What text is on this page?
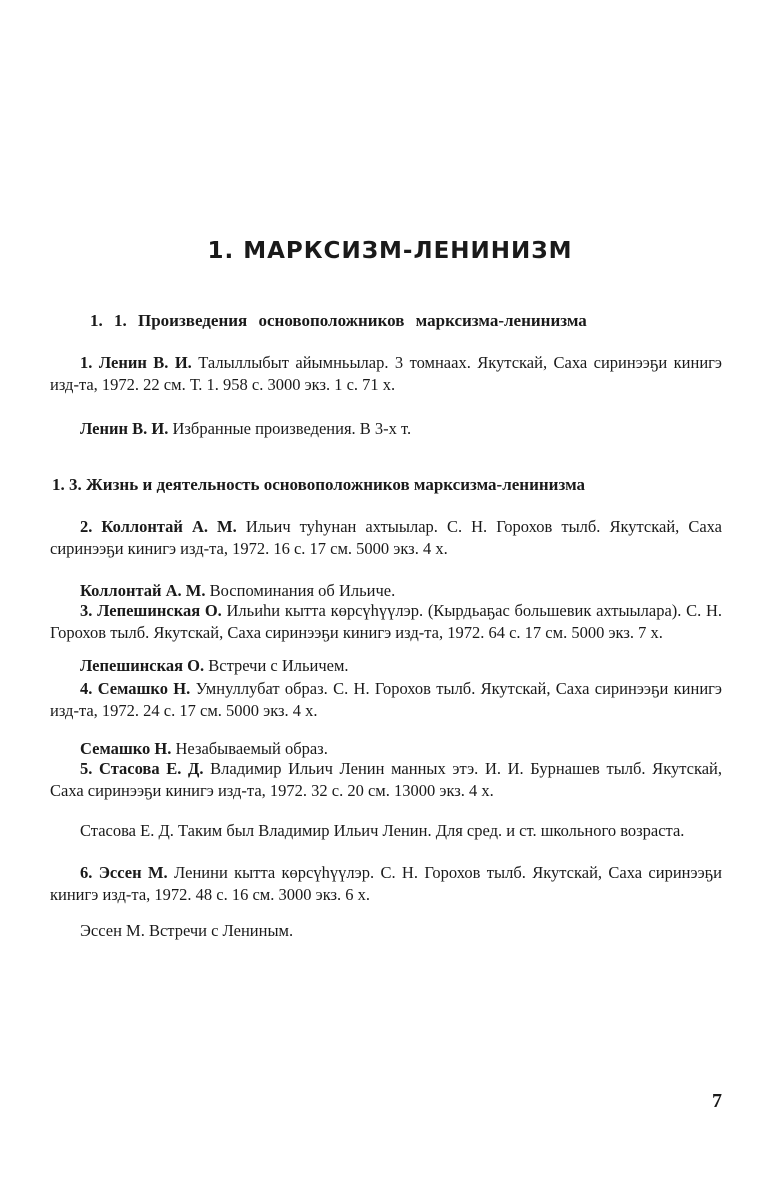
1. МАРКСИЗМ-ЛЕНИНИЗМ
1. 1. Произведения основоположников марксизма-ленинизма
1. Ленин В. И. Талыллыбыт айымньылар. 3 томнаах. Якутскай, Саха сиринээҕи кинигэ изд-та, 1972. 22 см. Т. 1. 958 с. 3000 экз. 1 с. 71 х.
Ленин В. И. Избранные произведения. В 3-х т.
1. 3. Жизнь и деятельность основоположников марксизма-ленинизма
2. Коллонтай А. М. Ильич туһунан ахтыылар. С. Н. Горохов тылб. Якутскай, Саха сиринээҕи кинигэ изд-та, 1972. 16 с. 17 см. 5000 экз. 4 х.
Коллонтай А. М. Воспоминания об Ильиче.
3. Лепешинская О. Ильиһи кытта көрсүһүүлэр. (Кырдьаҕас большевик ахтыылара). С. Н. Горохов тылб. Якутскай, Саха сиринээҕи кинигэ изд-та, 1972. 64 с. 17 см. 5000 экз. 7 х.
Лепешинская О. Встречи с Ильичем.
4. Семашко Н. Умнуллубат образ. С. Н. Горохов тылб. Якутскай, Саха сиринээҕи кинигэ изд-та, 1972. 24 с. 17 см. 5000 экз. 4 х.
Семашко Н. Незабываемый образ.
5. Стасова Е. Д. Владимир Ильич Ленин манных этэ. И. И. Бурнашев тылб. Якутскай, Саха сиринээҕи кинигэ изд-та, 1972. 32 с. 20 см. 13000 экз. 4 х.
Стасова Е. Д. Таким был Владимир Ильич Ленин. Для сред. и ст. школьного возраста.
6. Эссен М. Ленини кытта көрсүһүүлэр. С. Н. Горохов тылб. Якутскай, Саха сиринээҕи кинигэ изд-та, 1972. 48 с. 16 см. 3000 экз. 6 х.
Эссен М. Встречи с Лениным.
7
